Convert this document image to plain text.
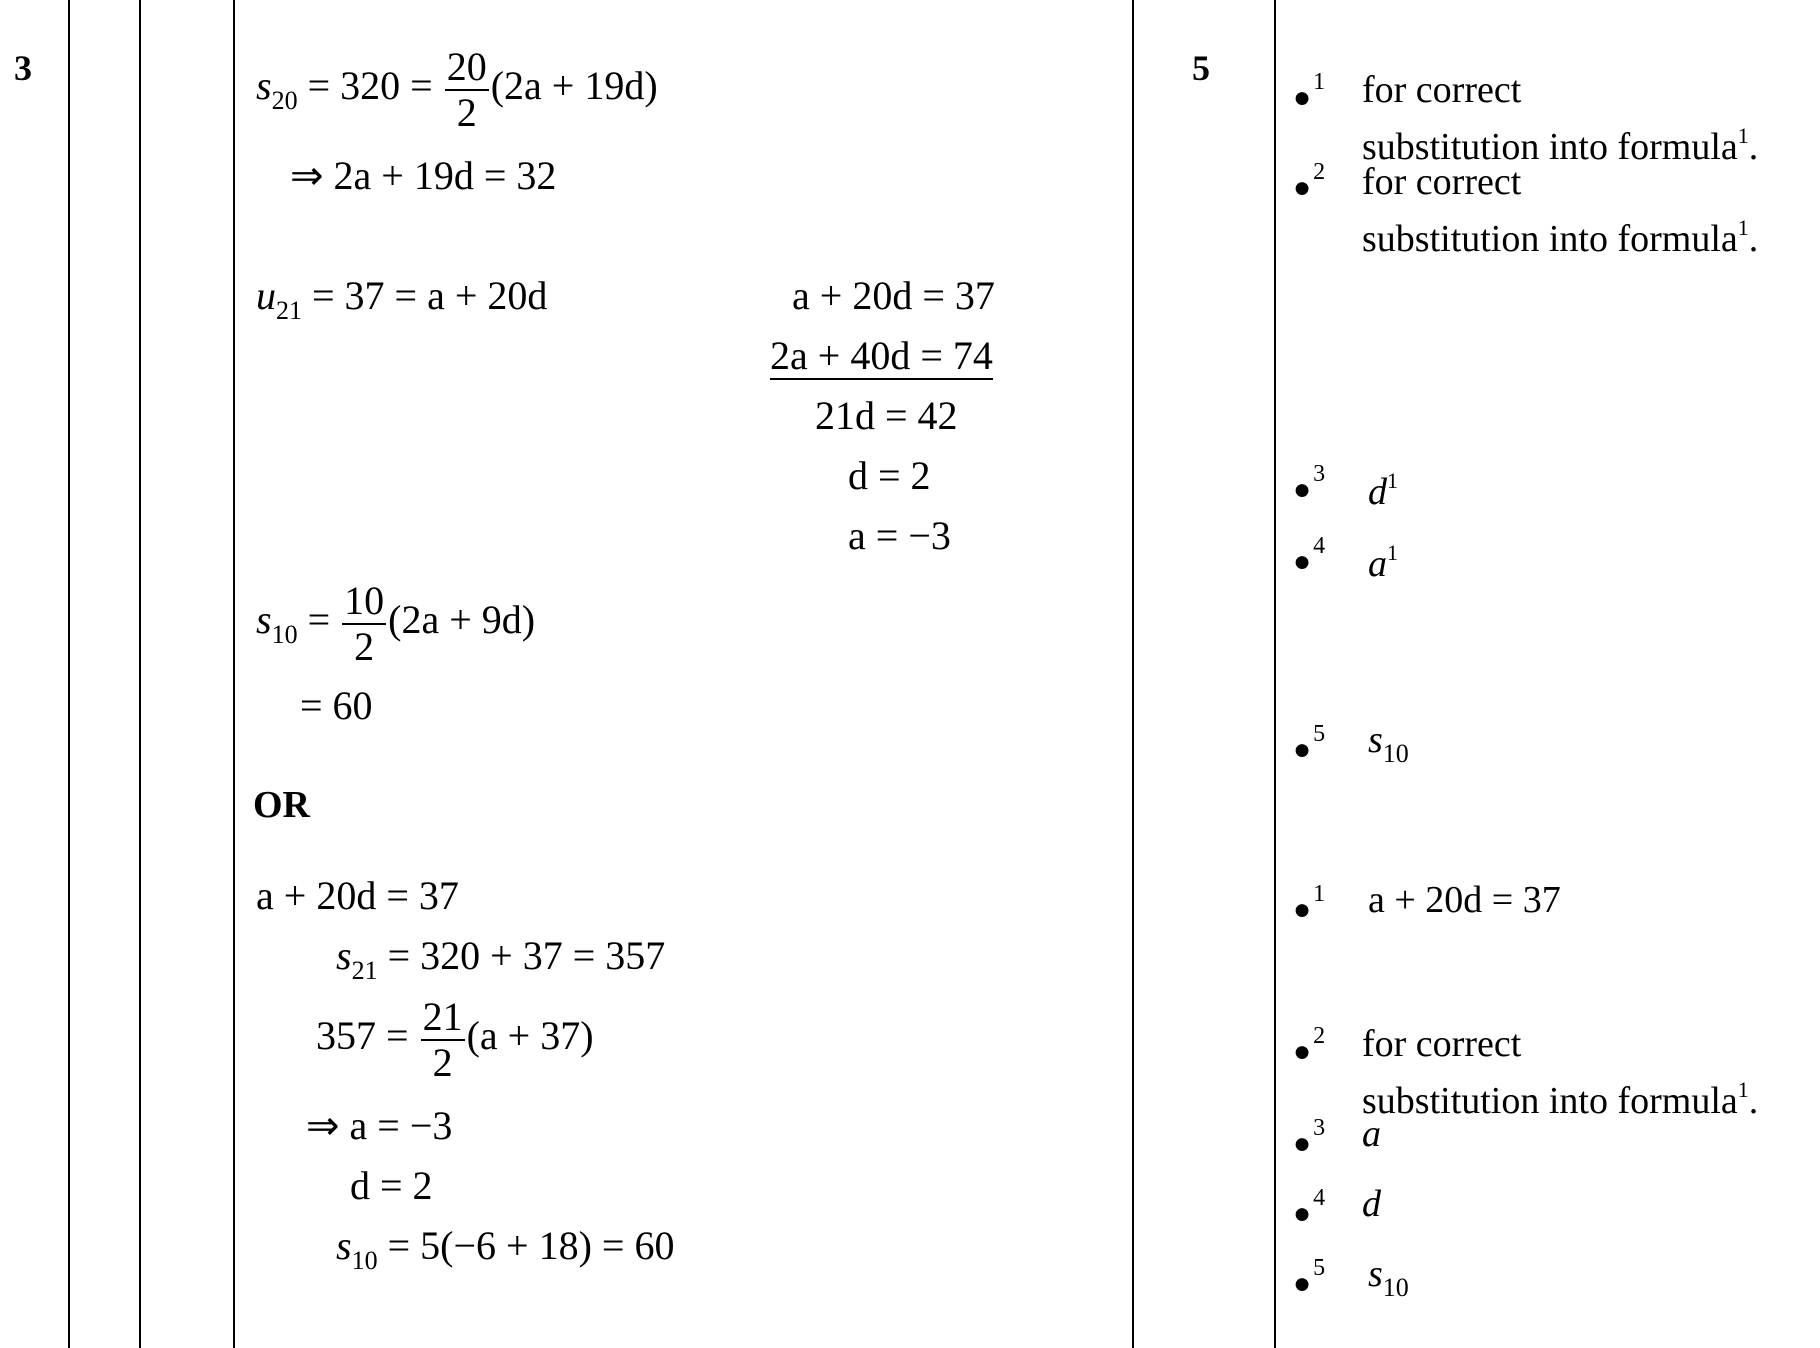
3	5
$s_{20} = 320 = \frac{20}{2} (2a + 19d)$
⇒ 2a + 19d = 32
$u_{21} = 37 = a + 20d$	a + 20d = 37
2a + 40d = 74
21d = 42
d = 2
a = −3
$s_{10} = \frac{10}{2} (2a + 9d)$
= 60
OR
a + 20d = 37
$s_{21} = 320 + 37 = 357$
$357 = \frac{21}{2} (a + 37)$
⇒ a = −3
d = 2
$s_{10} = 5(-6 + 18) = 60$
●$^1$ for correct
substitution into formula$^1$.
●$^2$ for correct
substitution into formula$^1$.
●$^3$ $d^1$
●$^4$ $a^1$
●$^5$ $s_{10}$
●$^1$ a + 20d = 37
●$^2$ for correct
substitution into formula$^1$.
●$^3$ a
●$^4$ d
●$^5$ $s_{10}$
